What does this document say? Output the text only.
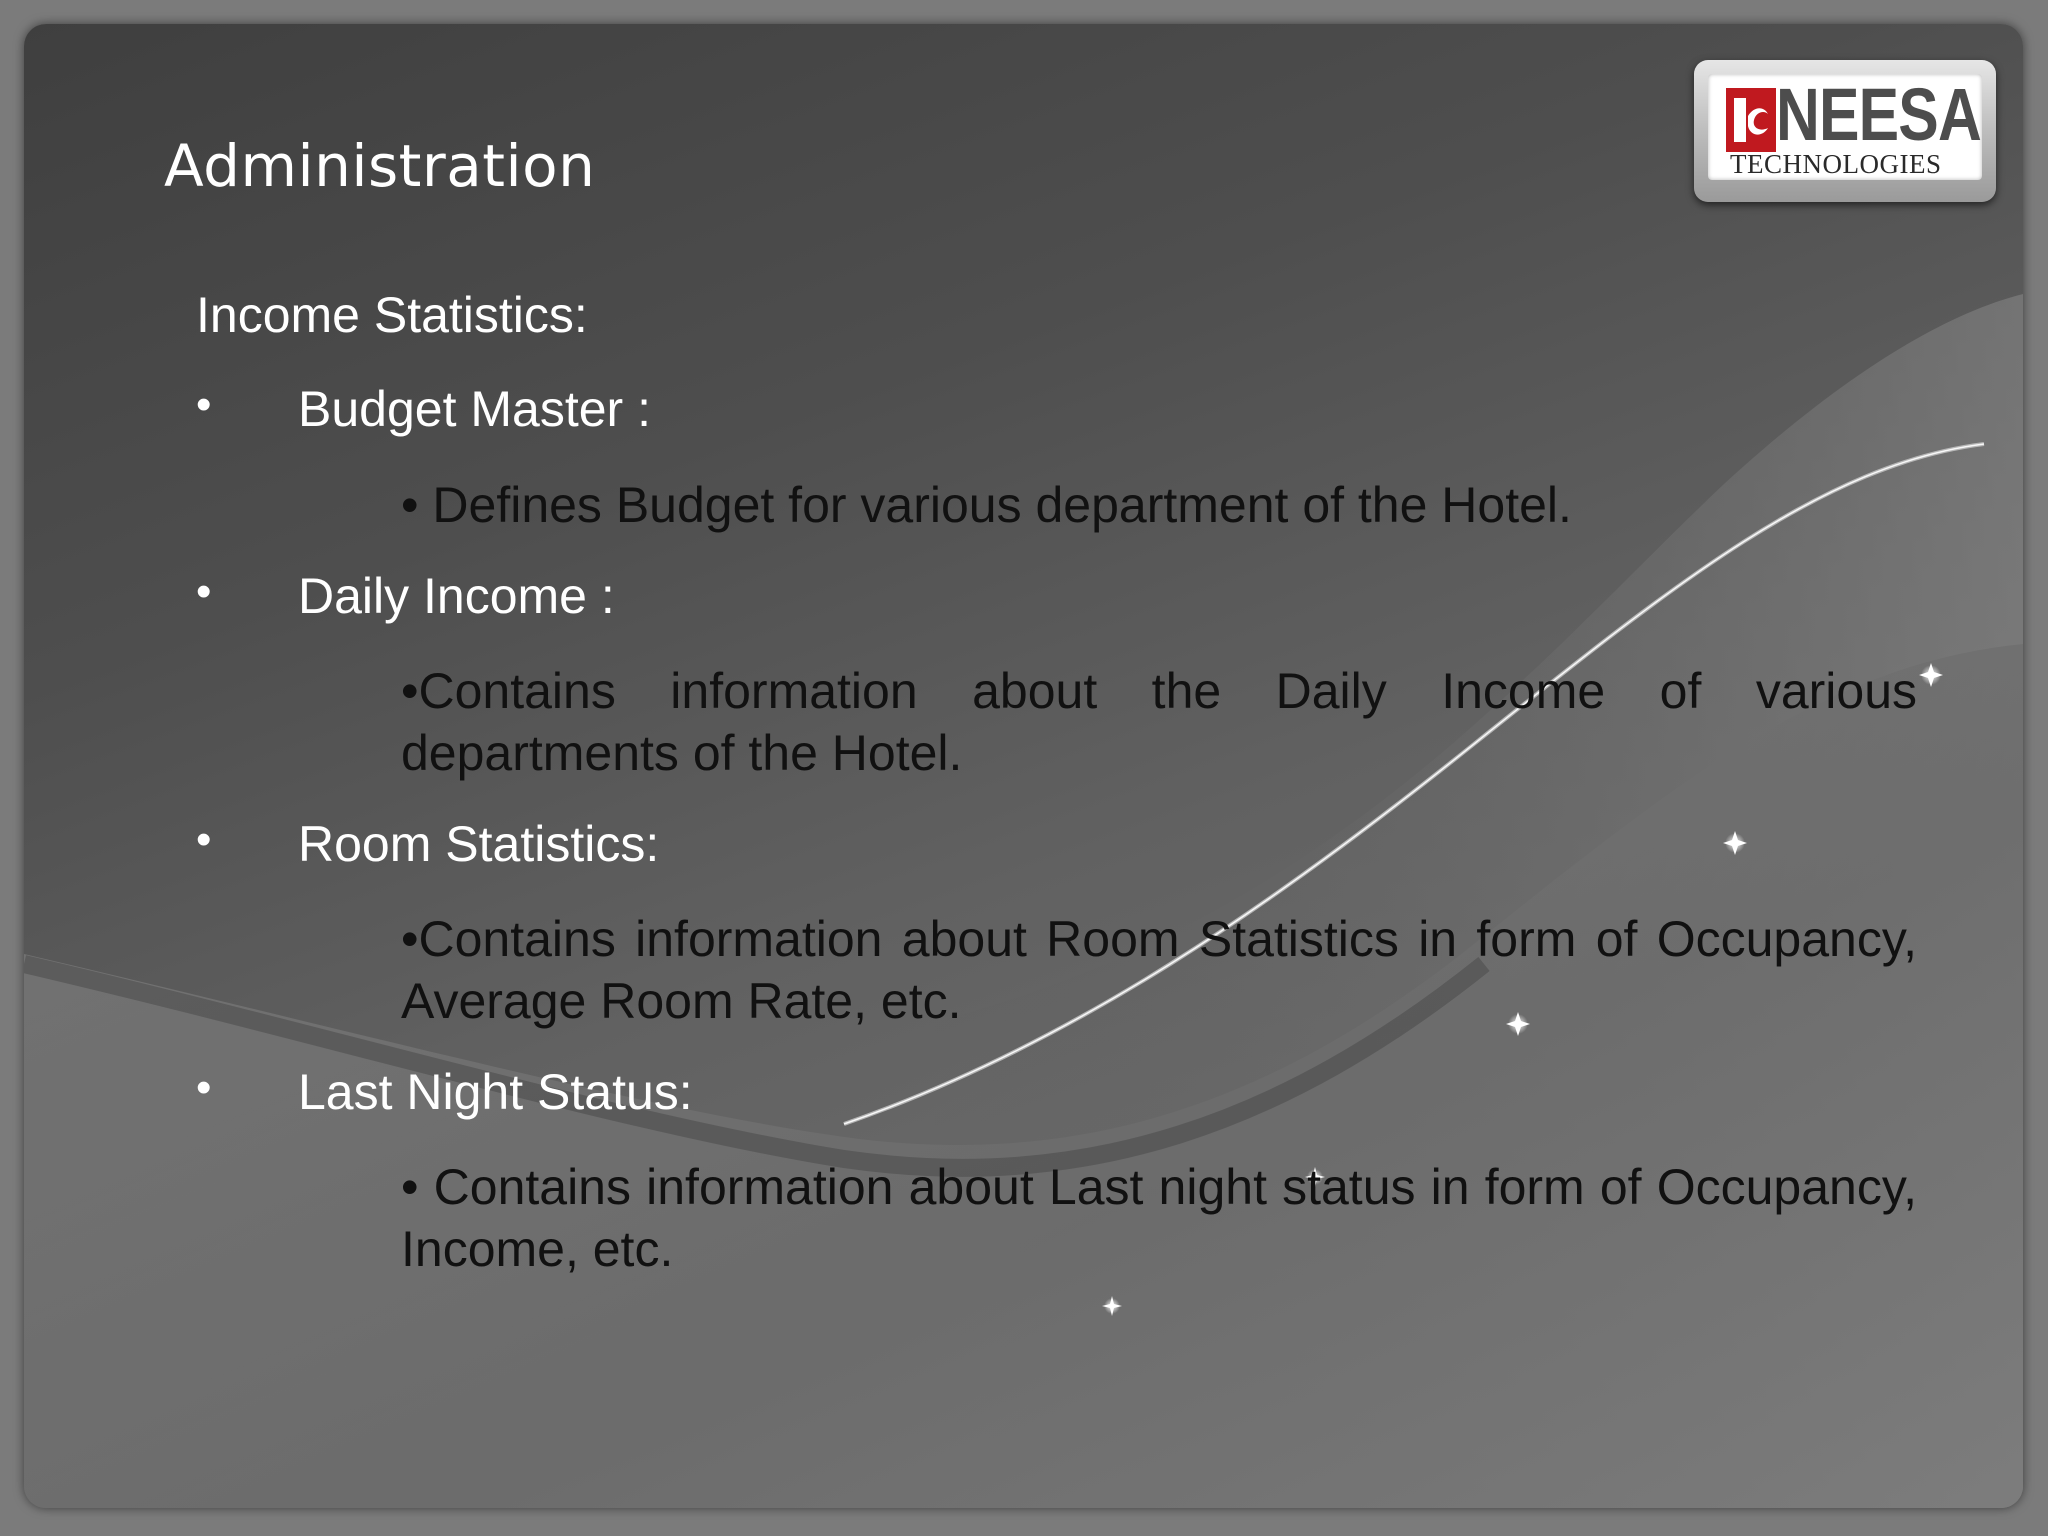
Administration
NEESA
TECHNOLOGIES
Income Statistics:
• Budget Master :
• Defines Budget for various department of the Hotel.
• Daily Income :
•Contains information about the Daily Income of various departments of the Hotel.
• Room Statistics:
•Contains information about Room Statistics in form of Occupancy, Average Room Rate, etc.
• Last Night Status:
• Contains information about Last night status in form of Occupancy, Income, etc.
